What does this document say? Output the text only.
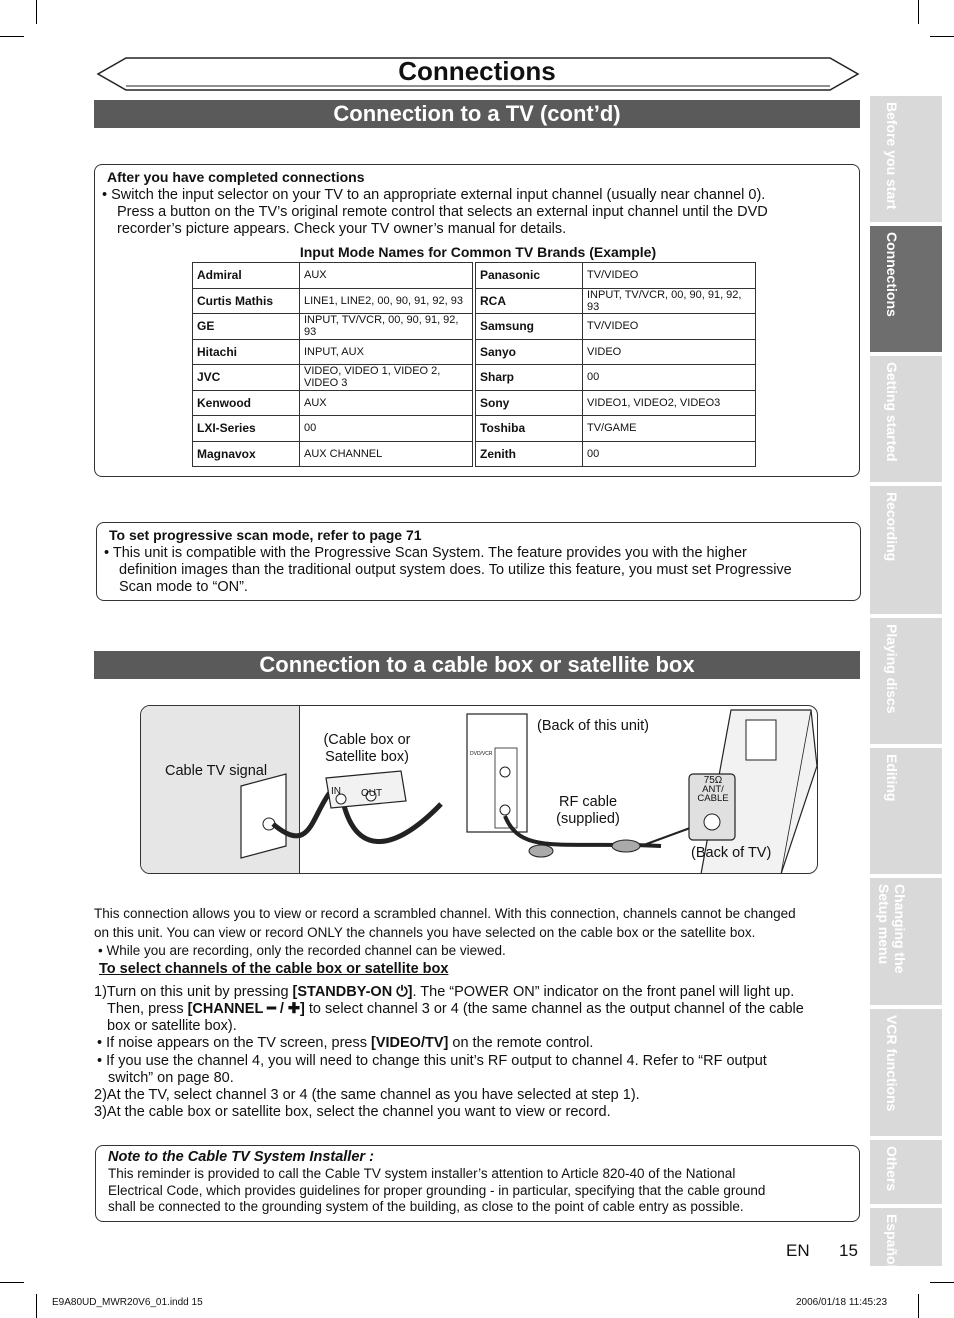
Connections
Connection to a TV (cont’d)
After you have completed connections
• Switch the input selector on your TV to an appropriate external input channel (usually near channel 0).
Press a button on the TV’s original remote control that selects an external input channel until the DVD
recorder’s picture appears. Check your TV owner’s manual for details.
Input Mode Names for Common TV Brands (Example)
Admiral	AUX		Panasonic	TV/VIDEO
Curtis Mathis	LINE1, LINE2, 00, 90, 91, 92, 93		RCA	INPUT, TV/VCR, 00, 90, 91, 92, 93
GE	INPUT, TV/VCR, 00, 90, 91, 92, 93		Samsung	TV/VIDEO
Hitachi	INPUT, AUX		Sanyo	VIDEO
JVC	VIDEO, VIDEO 1, VIDEO 2, VIDEO 3		Sharp	00
Kenwood	AUX		Sony	VIDEO1, VIDEO2, VIDEO3
LXI-Series	00		Toshiba	TV/GAME
Magnavox	AUX CHANNEL		Zenith	00
To set progressive scan mode, refer to page 71
• This unit is compatible with the Progressive Scan System. The feature provides you with the higher
definition images than the traditional output system does. To utilize this feature, you must set Progressive
Scan mode to “ON”.
Connection to a cable box or satellite box
Cable TV signal
(Cable box or
Satellite box)
IN OUT
DVD/VCR
(Back of this unit)
RF cable
(supplied)
75Ω
ANT/
CABLE
(Back of TV)
This connection allows you to view or record a scrambled channel. With this connection, channels cannot be changed
on this unit. You can view or record ONLY the channels you have selected on the cable box or the satellite box.
• While you are recording, only the recorded channel can be viewed.
To select channels of the cable box or satellite box
1)Turn on this unit by pressing [STANDBY-ON ⏻]. The “POWER ON” indicator on the front panel will light up.
Then, press [CHANNEL ━ / ✚] to select channel 3 or 4 (the same channel as the output channel of the cable
box or satellite box).
• If noise appears on the TV screen, press [VIDEO/TV] on the remote control.
• If you use the channel 4, you will need to change this unit’s RF output to channel 4. Refer to “RF output
switch” on page 80.
2)At the TV, select channel 3 or 4 (the same channel as you have selected at step 1).
3)At the cable box or satellite box, select the channel you want to view or record.
Note to the Cable TV System Installer :
This reminder is provided to call the Cable TV system installer’s attention to Article 820-40 of the National
Electrical Code, which provides guidelines for proper grounding - in particular, specifying that the cable ground
shall be connected to the grounding system of the building, as close to the point of cable entry as possible.
Before you start
Connections
Getting started
Recording
Playing discs
Editing
Changing the Setup menu
VCR functions
Others
Español
EN 15
E9A80UD_MWR20V6_01.indd 15	2006/01/18 11:45:23
